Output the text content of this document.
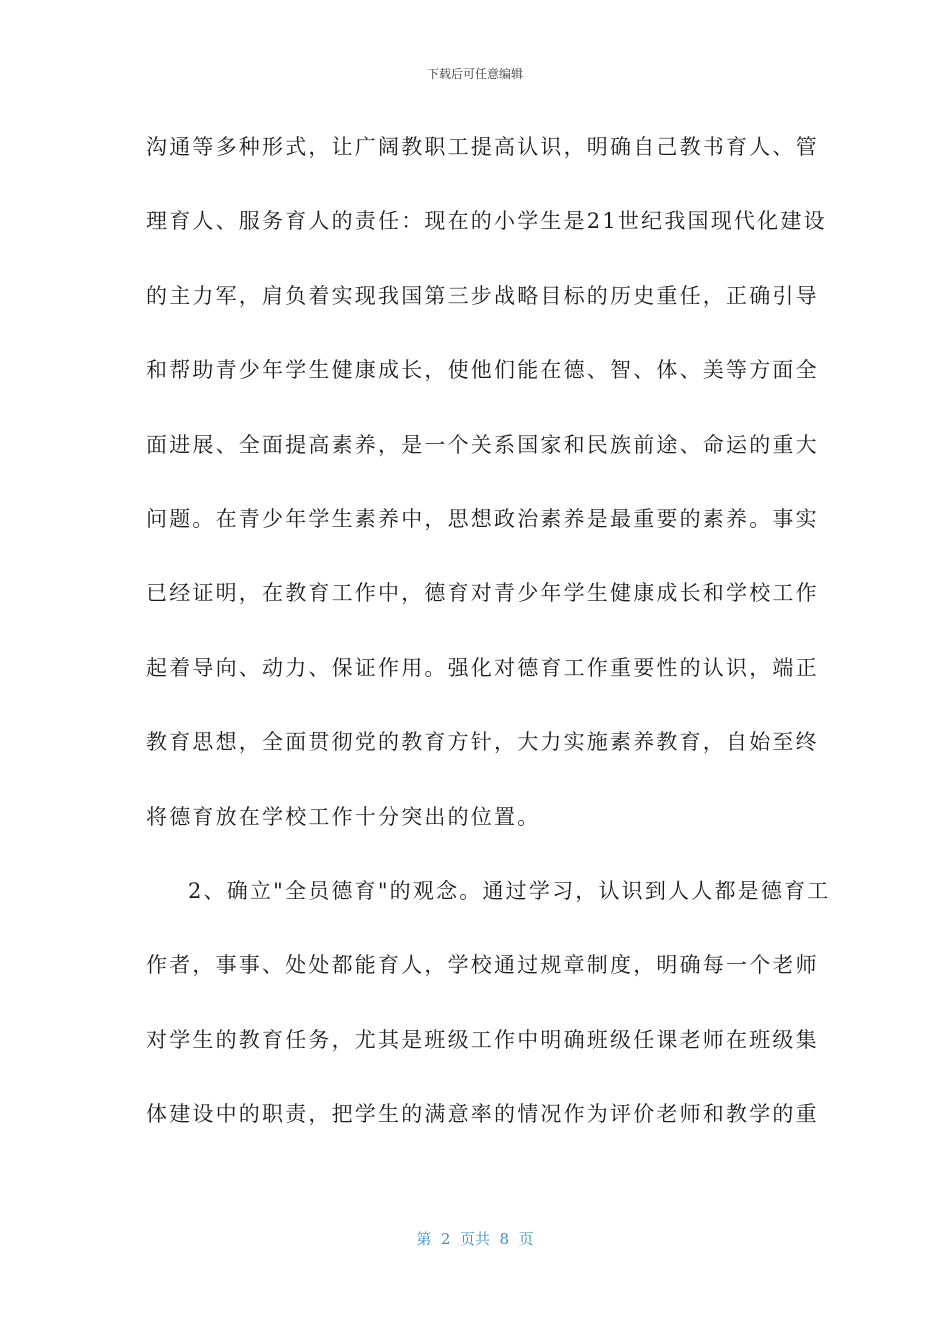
下载后可任意编辑
沟通等多种形式，让广阔教职工提高认识，明确自己教书育人、管
理育人、服务育人的责任：现在的小学生是21世纪我国现代化建设
的主力军，肩负着实现我国第三步战略目标的历史重任，正确引导
和帮助青少年学生健康成长，使他们能在德、智、体、美等方面全
面进展、全面提高素养，是一个关系国家和民族前途、命运的重大
问题。在青少年学生素养中，思想政治素养是最重要的素养。事实
已经证明，在教育工作中，德育对青少年学生健康成长和学校工作
起着导向、动力、保证作用。强化对德育工作重要性的认识，端正
教育思想，全面贯彻党的教育方针，大力实施素养教育，自始至终
将德育放在学校工作十分突出的位置。
2、确立"全员德育"的观念。通过学习，认识到人人都是德育工
作者，事事、处处都能育人，学校通过规章制度，明确每一个老师
对学生的教育任务，尤其是班级工作中明确班级任课老师在班级集
体建设中的职责，把学生的满意率的情况作为评价老师和教学的重
第  2  页共  8  页
